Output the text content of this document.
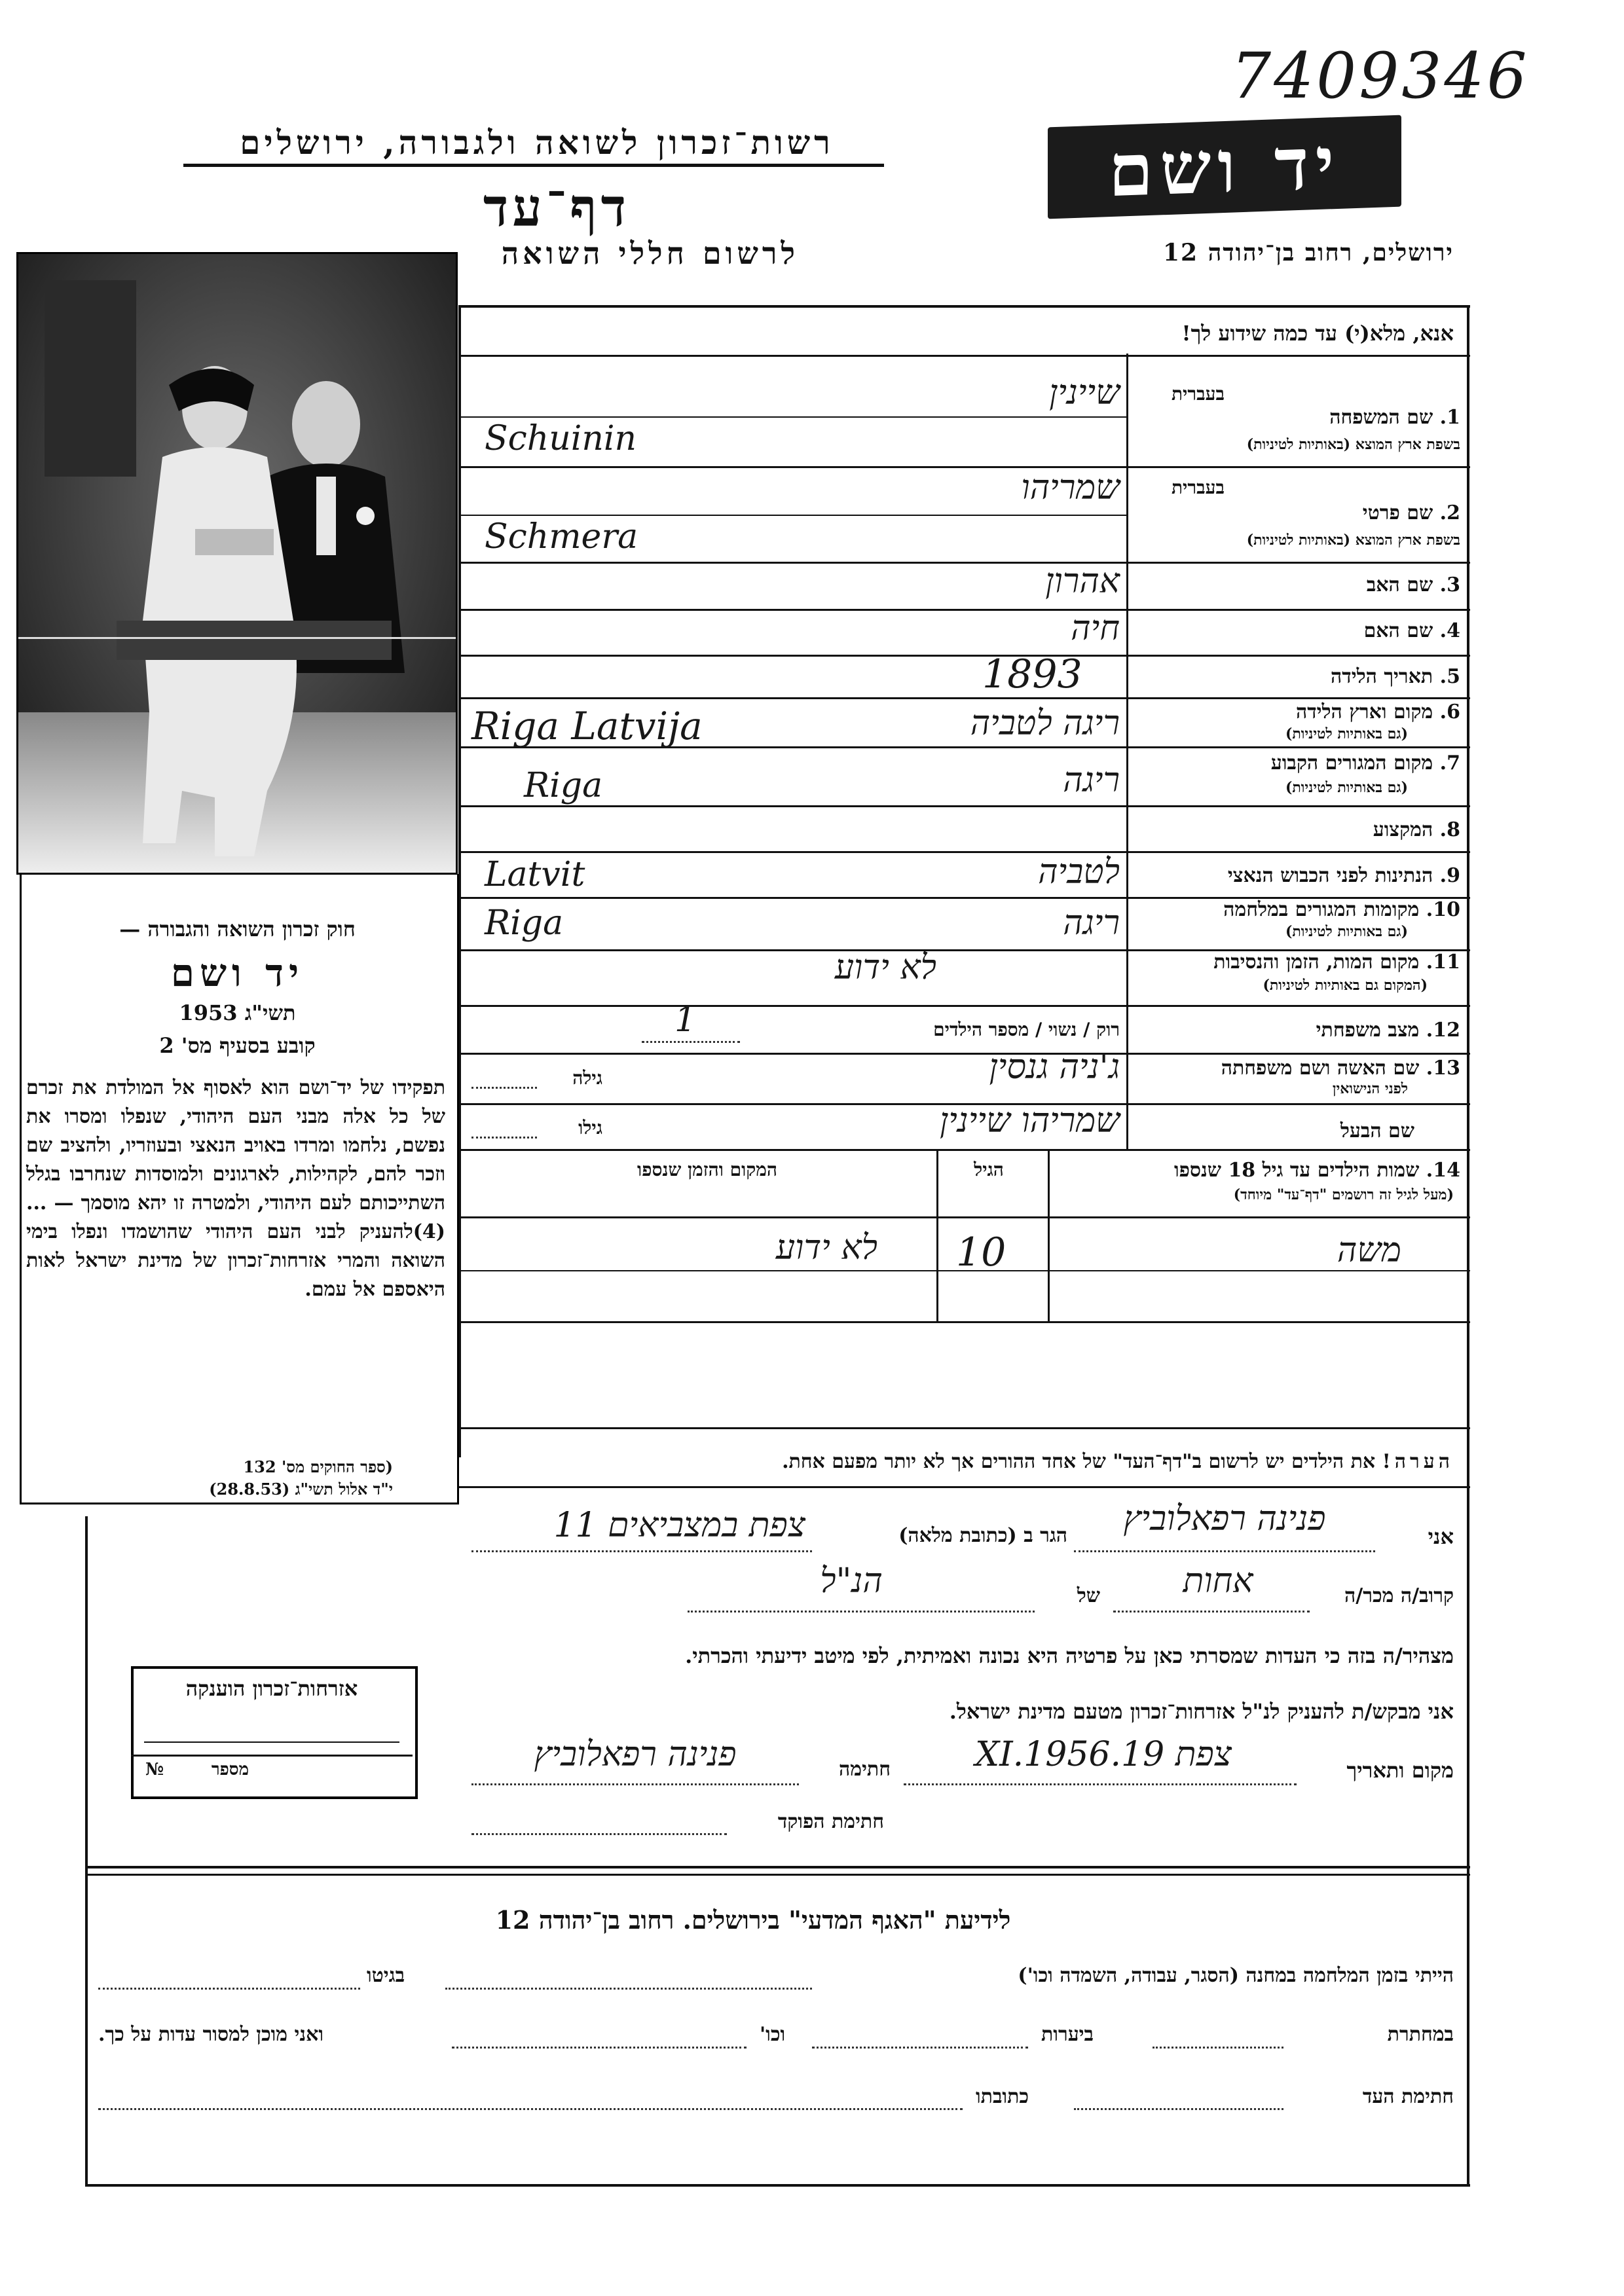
7409346
רשות־זכרון לשואה ולגבורה, ירושלים
דף־עד
לרשום חללי השואה
יד ושם
ירושלים, רחוב בן־יהודה 12
אנא, מלא(י) עד כמה שידוע לך!
בעברית
1. שם המשפחה
בשפת ארץ המוצא (באותיות לטיניות)
שיינין
Schuinin
בעברית
2. שם פרטי
בשפת ארץ המוצא (באותיות לטיניות)
שמריהו
Schmera
3. שם האב
אהרון
4. שם האם
חיה
5. תאריך הלידה
1893
6. מקום וארץ הלידה
(גם באותיות לטיניות)
ריגה לטביה
Riga Latvija
7. מקום המגורים הקבוע
(גם באותיות לטיניות)
ריגה
Riga
8. המקצוע
9. הנתינות לפני הכבוש הנאצי
לטביה
Latvit
10. מקומות המגורים במלחמה
(גם באותיות לטיניות)
ריגה
Riga
11. מקום המות, הזמן והנסיבות
(המקום גם באותיות לטיניות)
לא ידוע
12. מצב משפחתי
רוק / נשוי / מספר הילדים
1
13. שם האשה ושם משפחתה
לפני הנישואין
ג'ניה גנסין
גילה
שם הבעל
שמריהו שיינין
גילו
14. שמות הילדים עד גיל 18 שנספו
(מעל לגיל זה רושמים "דף־עד" מיוחד)
הגיל
המקום והזמן שנספו
משה
10
לא ידוע
הערה! את הילדים יש לרשום ב"דף־העד" של אחד ההורים אך לא יותר מפעם אחת.
חוק זכרון השואה והגבורה —
יד ושם
תשי"ג 1953
קובע בסעיף מס' 2
תפקידו של יד־ושם הוא לאסוף אל המולדת את זכרם של כל אלה מבני העם היהודי, שנפלו ומסרו את נפשם, נלחמו ומרדו באויב הנאצי ובעוזריו, ולהציב שם וזכר להם, לקהילות, לארגונים ולמוסדות שנחרבו בגלל השתייכותם לעם היהודי, ולמטרה זו יהא מוסמך — ...(4)להעניק לבני העם היהודי שהושמדו ונפלו בימי השואה והמרי אזרחות־זכרון של מדינת ישראל לאות היאספם אל עמם.
(ספר החוקים מס' 132
י"ד אלול תשי"ג (28.8.53)
אני
פנינה רפאלוביץ
הגר ב (כתובת מלאה)
צפת במצביאים 11
קרוב/ה מכר/ה
אחות
של
הנ"ל
מצהיר/ה בזה כי העדות שמסרתי כאן על פרטיה היא נכונה ואמיתית, לפי מיטב ידיעתי והכרתי.
אני מבקש/ת להעניק לנ"ל אזרחות־זכרון מטעם מדינת ישראל.
מקום ותאריך
צפת 19.XI.1956
חתימה
פנינה רפאלוביץ
חתימת הפוקד
אזרחות־זכרון הוענקה
מספר
№
לידיעת "האגף המדעי" בירושלים. רחוב בן־יהודה 12
הייתי בזמן המלחמה במחנה (הסגר, עבודה, השמדה וכו')
בגיטו
במחתרת
ביערות
וכו'
ואני מוכן למסור עדות על כך.
חתימת העד
כתובתו
